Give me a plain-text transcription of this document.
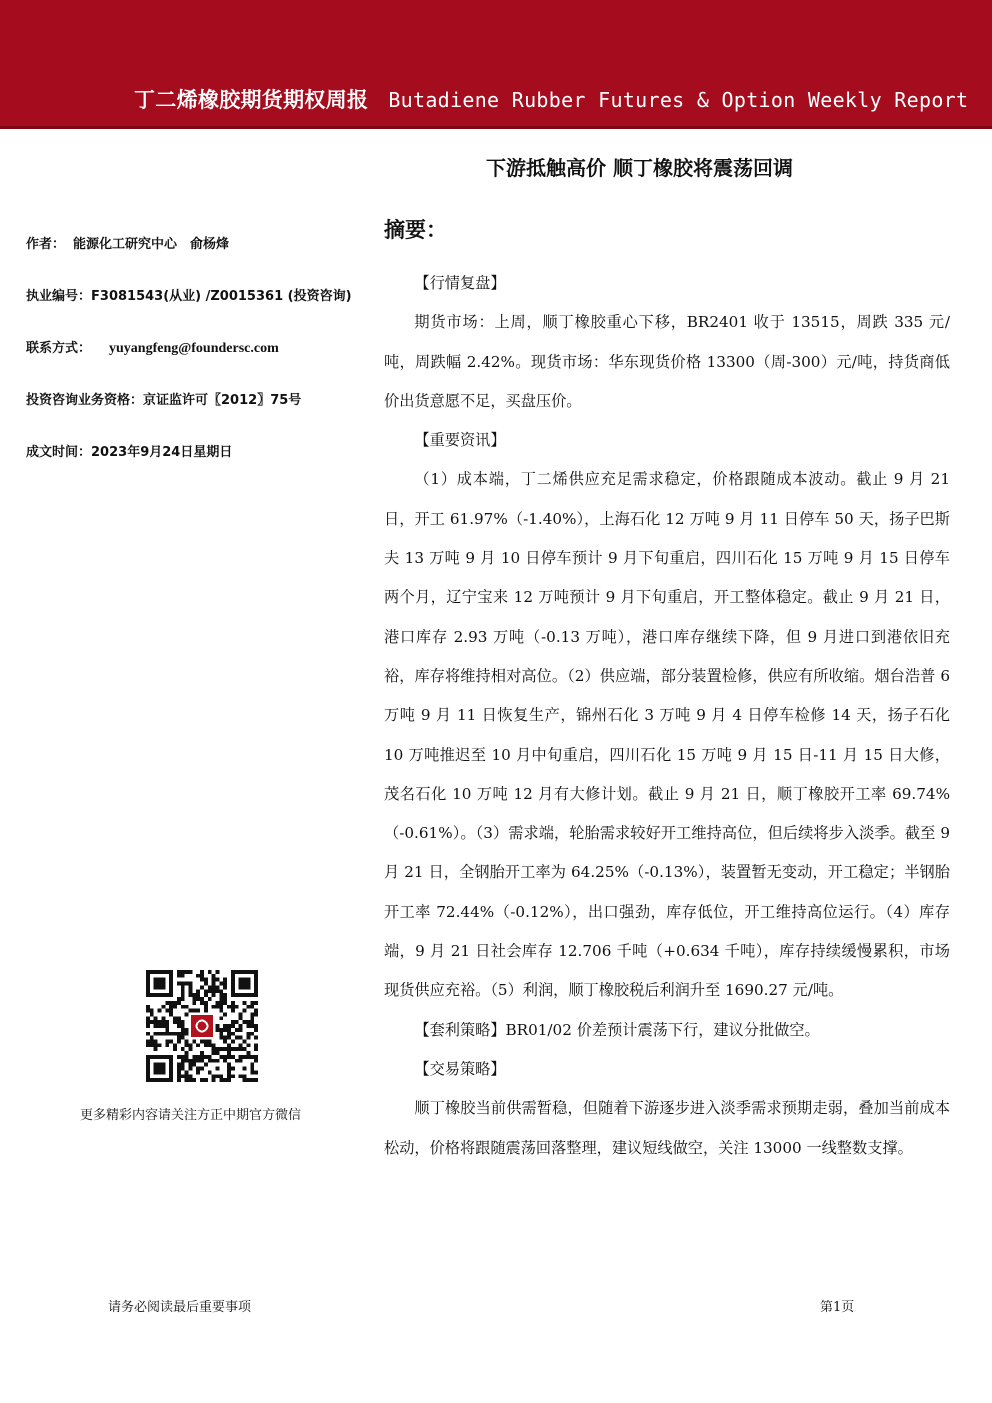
丁二烯橡胶期货期权周报 Butadiene Rubber Futures & Option Weekly Report
下游抵触高价 顺丁橡胶将震荡回调
作者： 能源化工研究中心　俞杨烽
执业编号：F3081543(从业) /Z0015361 (投资咨询)
联系方式： yuyangfeng@foundersc.com
投资咨询业务资格：京证监许可〖2012〗75号
成文时间：2023年9月24日星期日
更多精彩内容请关注方正中期官方微信
摘要：

【行情复盘】

期货市场：上周，顺丁橡胶重心下移，BR2401 收于 13515，周跌 335 元/吨，周跌幅 2.42%。现货市场：华东现货价格 13300（周-300）元/吨，持货商低价出货意愿不足，买盘压价。

【重要资讯】

（1）成本端，丁二烯供应充足需求稳定，价格跟随成本波动。截止 9 月 21 日，开工 61.97%（-1.40%），上海石化 12 万吨 9 月 11 日停车 50 天，扬子巴斯夫 13 万吨 9 月 10 日停车预计 9 月下旬重启，四川石化 15 万吨 9 月 15 日停车两个月，辽宁宝来 12 万吨预计 9 月下旬重启，开工整体稳定。截止 9 月 21 日，港口库存 2.93 万吨（-0.13 万吨），港口库存继续下降，但 9 月进口到港依旧充裕，库存将维持相对高位。（2）供应端，部分装置检修，供应有所收缩。烟台浩普 6 万吨 9 月 11 日恢复生产，锦州石化 3 万吨 9 月 4 日停车检修 14 天，扬子石化 10 万吨推迟至 10 月中旬重启，四川石化 15 万吨 9 月 15 日-11 月 15 日大修，茂名石化 10 万吨 12 月有大修计划。截止 9 月 21 日，顺丁橡胶开工率 69.74%（-0.61%）。（3）需求端，轮胎需求较好开工维持高位，但后续将步入淡季。截至 9 月 21 日，全钢胎开工率为 64.25%（-0.13%），装置暂无变动，开工稳定；半钢胎开工率 72.44%（-0.12%），出口强劲，库存低位，开工维持高位运行。（4）库存端，9 月 21 日社会库存 12.706 千吨（+0.634 千吨），库存持续缓慢累积，市场现货供应充裕。（5）利润，顺丁橡胶税后利润升至 1690.27 元/吨。

【套利策略】BR01/02 价差预计震荡下行，建议分批做空。

【交易策略】

顺丁橡胶当前供需暂稳，但随着下游逐步进入淡季需求预期走弱，叠加当前成本松动，价格将跟随震荡回落整理，建议短线做空，关注 13000 一线整数支撑。

请务必阅读最后重要事项	第1页
